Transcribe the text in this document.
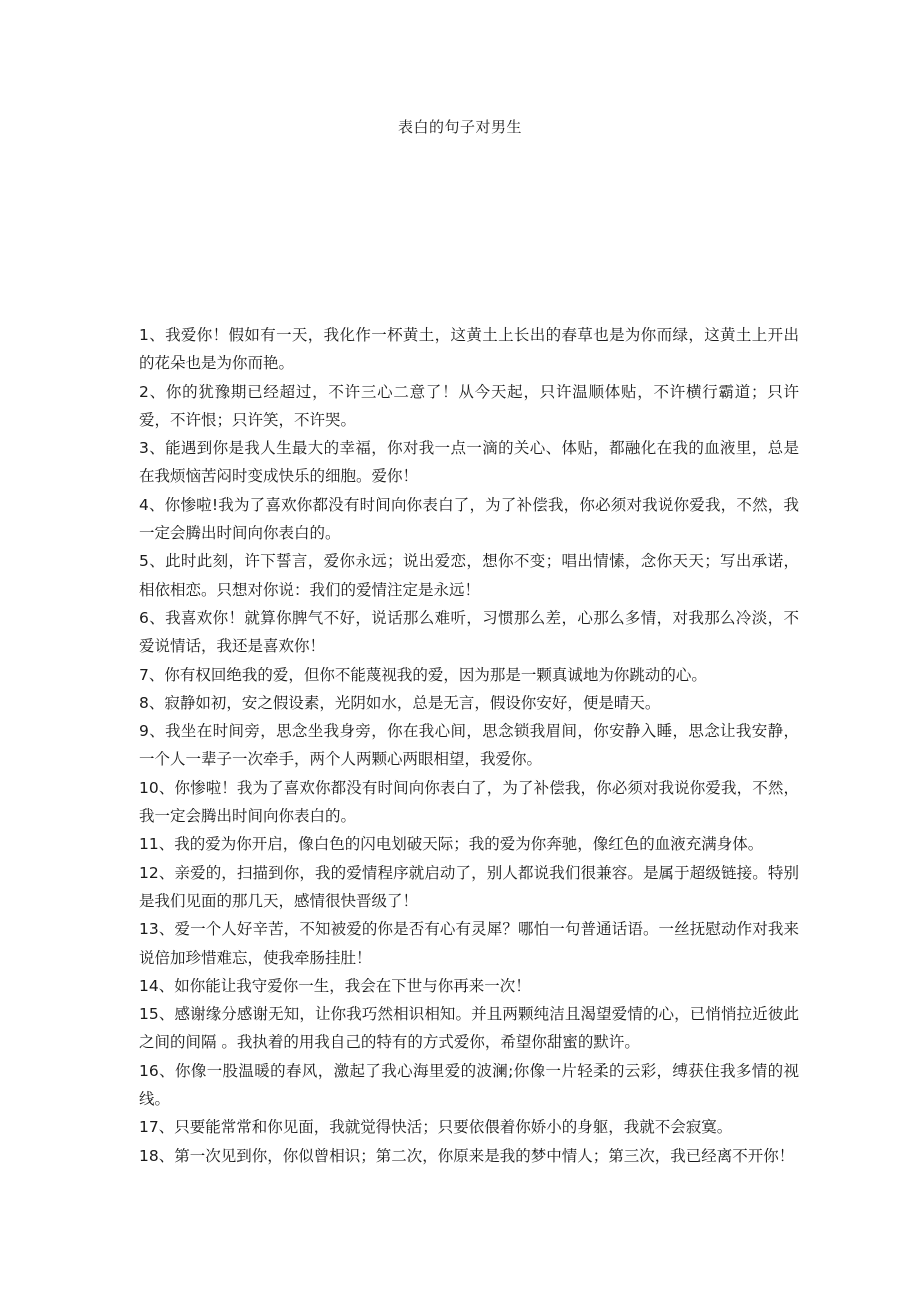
表白的句子对男生

1、我爱你！假如有一天，我化作一杯黄土，这黄土上长出的春草也是为你而绿，这黄土上开出的花朵也是为你而艳。

2、你的犹豫期已经超过，不许三心二意了！从今天起，只许温顺体贴，不许横行霸道；只许爱，不许恨；只许笑，不许哭。

3、能遇到你是我人生最大的幸福，你对我一点一滴的关心、体贴，都融化在我的血液里，总是在我烦恼苦闷时变成快乐的细胞。爱你！

4、你惨啦!我为了喜欢你都没有时间向你表白了，为了补偿我，你必须对我说你爱我，不然，我一定会腾出时间向你表白的。

5、此时此刻，许下誓言，爱你永远；说出爱恋，想你不变；唱出情愫，念你天天；写出承诺，相依相恋。只想对你说：我们的爱情注定是永远！

6、我喜欢你！就算你脾气不好，说话那么难听，习惯那么差，心那么多情，对我那么冷淡，不爱说情话，我还是喜欢你！

7、你有权回绝我的爱，但你不能蔑视我的爱，因为那是一颗真诚地为你跳动的心。

8、寂静如初，安之假设素，光阴如水，总是无言，假设你安好，便是晴天。

9、我坐在时间旁，思念坐我身旁，你在我心间，思念锁我眉间，你安静入睡，思念让我安静，一个人一辈子一次牵手，两个人两颗心两眼相望，我爱你。

10、你惨啦！我为了喜欢你都没有时间向你表白了，为了补偿我，你必须对我说你爱我，不然，我一定会腾出时间向你表白的。

11、我的爱为你开启，像白色的闪电划破天际；我的爱为你奔驰，像红色的血液充满身体。

12、亲爱的，扫描到你，我的爱情程序就启动了，别人都说我们很兼容。是属于超级链接。特别是我们见面的那几天，感情很快晋级了！

13、爱一个人好辛苦，不知被爱的你是否有心有灵犀？哪怕一句普通话语。一丝抚慰动作对我来说倍加珍惜难忘，使我牵肠挂肚！

14、如你能让我守爱你一生，我会在下世与你再来一次！

15、感谢缘分感谢无知，让你我巧然相识相知。并且两颗纯洁且渴望爱情的心，已悄悄拉近彼此之间的间隔 。我执着的用我自己的特有的方式爱你，希望你甜蜜的默许。

16、你像一股温暖的春风，激起了我心海里爱的波澜;你像一片轻柔的云彩，缚获住我多情的视线。

17、只要能常常和你见面，我就觉得快活；只要依偎着你娇小的身躯，我就不会寂寞。

18、第一次见到你，你似曾相识；第二次，你原来是我的梦中情人；第三次，我已经离不开你！
